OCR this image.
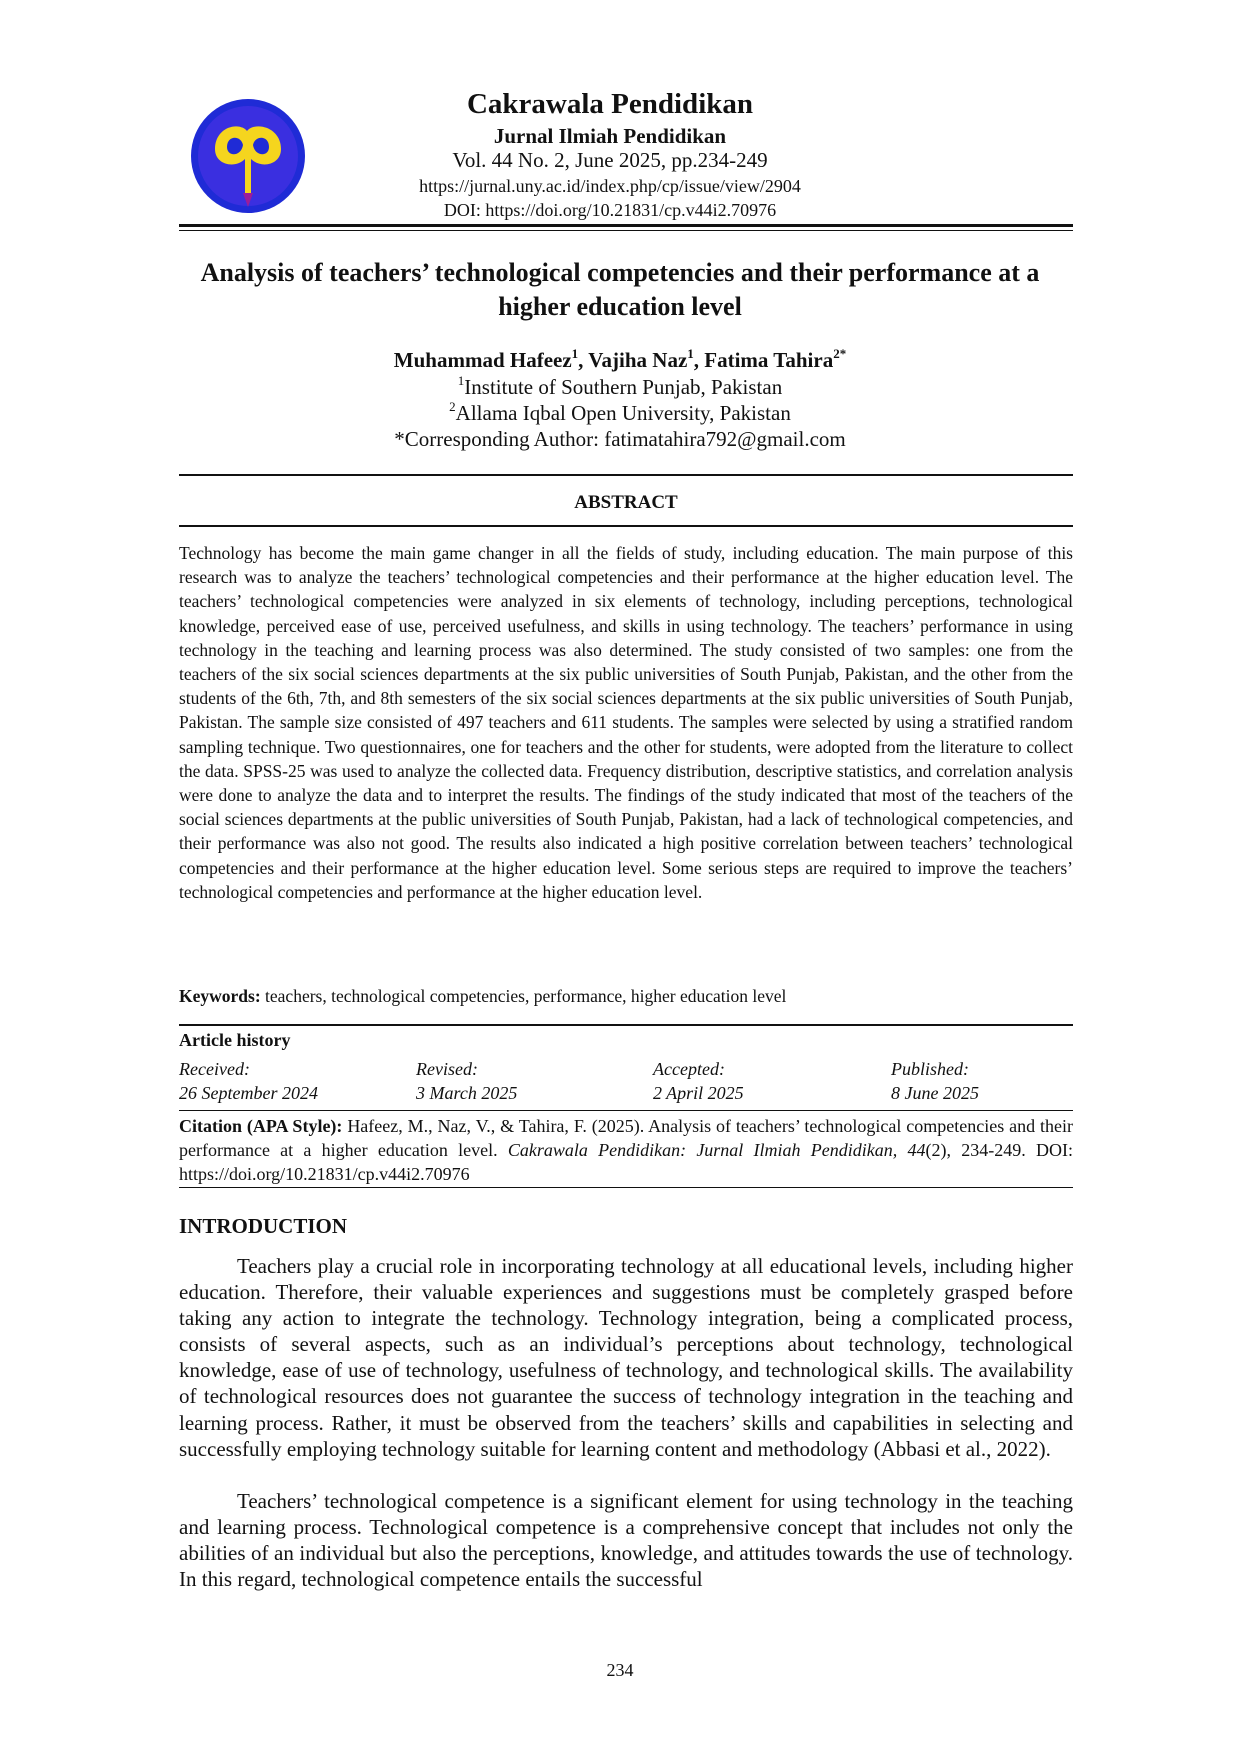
Cakrawala Pendidikan
Jurnal Ilmiah Pendidikan
Vol. 44 No. 2, June 2025, pp.234-249
https://jurnal.uny.ac.id/index.php/cp/issue/view/2904
DOI: https://doi.org/10.21831/cp.v44i2.70976
Analysis of teachers’ technological competencies and their performance at a higher education level
Muhammad Hafeez$^1$, Vajiha Naz$^1$, Fatima Tahira$^{2*}$
$^1$Institute of Southern Punjab, Pakistan
$^2$Allama Iqbal Open University, Pakistan
*Corresponding Author: fatimatahira792@gmail.com
ABSTRACT
Technology has become the main game changer in all the fields of study, including education. The main purpose of this research was to analyze the teachers’ technological competencies and their performance at the higher education level. The teachers’ technological competencies were analyzed in six elements of technology, including perceptions, technological knowledge, perceived ease of use, perceived usefulness, and skills in using technology. The teachers’ performance in using technology in the teaching and learning process was also determined. The study consisted of two samples: one from the teachers of the six social sciences departments at the six public universities of South Punjab, Pakistan, and the other from the students of the 6th, 7th, and 8th semesters of the six social sciences departments at the six public universities of South Punjab, Pakistan. The sample size consisted of 497 teachers and 611 students. The samples were selected by using a stratified random sampling technique. Two questionnaires, one for teachers and the other for students, were adopted from the literature to collect the data. SPSS-25 was used to analyze the collected data. Frequency distribution, descriptive statistics, and correlation analysis were done to analyze the data and to interpret the results. The findings of the study indicated that most of the teachers of the social sciences departments at the public universities of South Punjab, Pakistan, had a lack of technological competencies, and their performance was also not good. The results also indicated a high positive correlation between teachers’ technological competencies and their performance at the higher education level. Some serious steps are required to improve the teachers’ technological competencies and performance at the higher education level.
Keywords: teachers, technological competencies, performance, higher education level
Article history
Received:
26 September 2024
Revised:
3 March 2025
Accepted:
2 April 2025
Published:
8 June 2025
Citation (APA Style): Hafeez, M., Naz, V., & Tahira, F. (2025). Analysis of teachers’ technological competencies and their performance at a higher education level. Cakrawala Pendidikan: Jurnal Ilmiah Pendidikan, 44(2), 234-249. DOI: https://doi.org/10.21831/cp.v44i2.70976
INTRODUCTION
Teachers play a crucial role in incorporating technology at all educational levels, including higher education. Therefore, their valuable experiences and suggestions must be completely grasped before taking any action to integrate the technology. Technology integration, being a complicated process, consists of several aspects, such as an individual’s perceptions about technology, technological knowledge, ease of use of technology, usefulness of technology, and technological skills. The availability of technological resources does not guarantee the success of technology integration in the teaching and learning process. Rather, it must be observed from the teachers’ skills and capabilities in selecting and successfully employing technology suitable for learning content and methodology (Abbasi et al., 2022).
Teachers’ technological competence is a significant element for using technology in the teaching and learning process. Technological competence is a comprehensive concept that includes not only the abilities of an individual but also the perceptions, knowledge, and attitudes towards the use of technology. In this regard, technological competence entails the successful
234
